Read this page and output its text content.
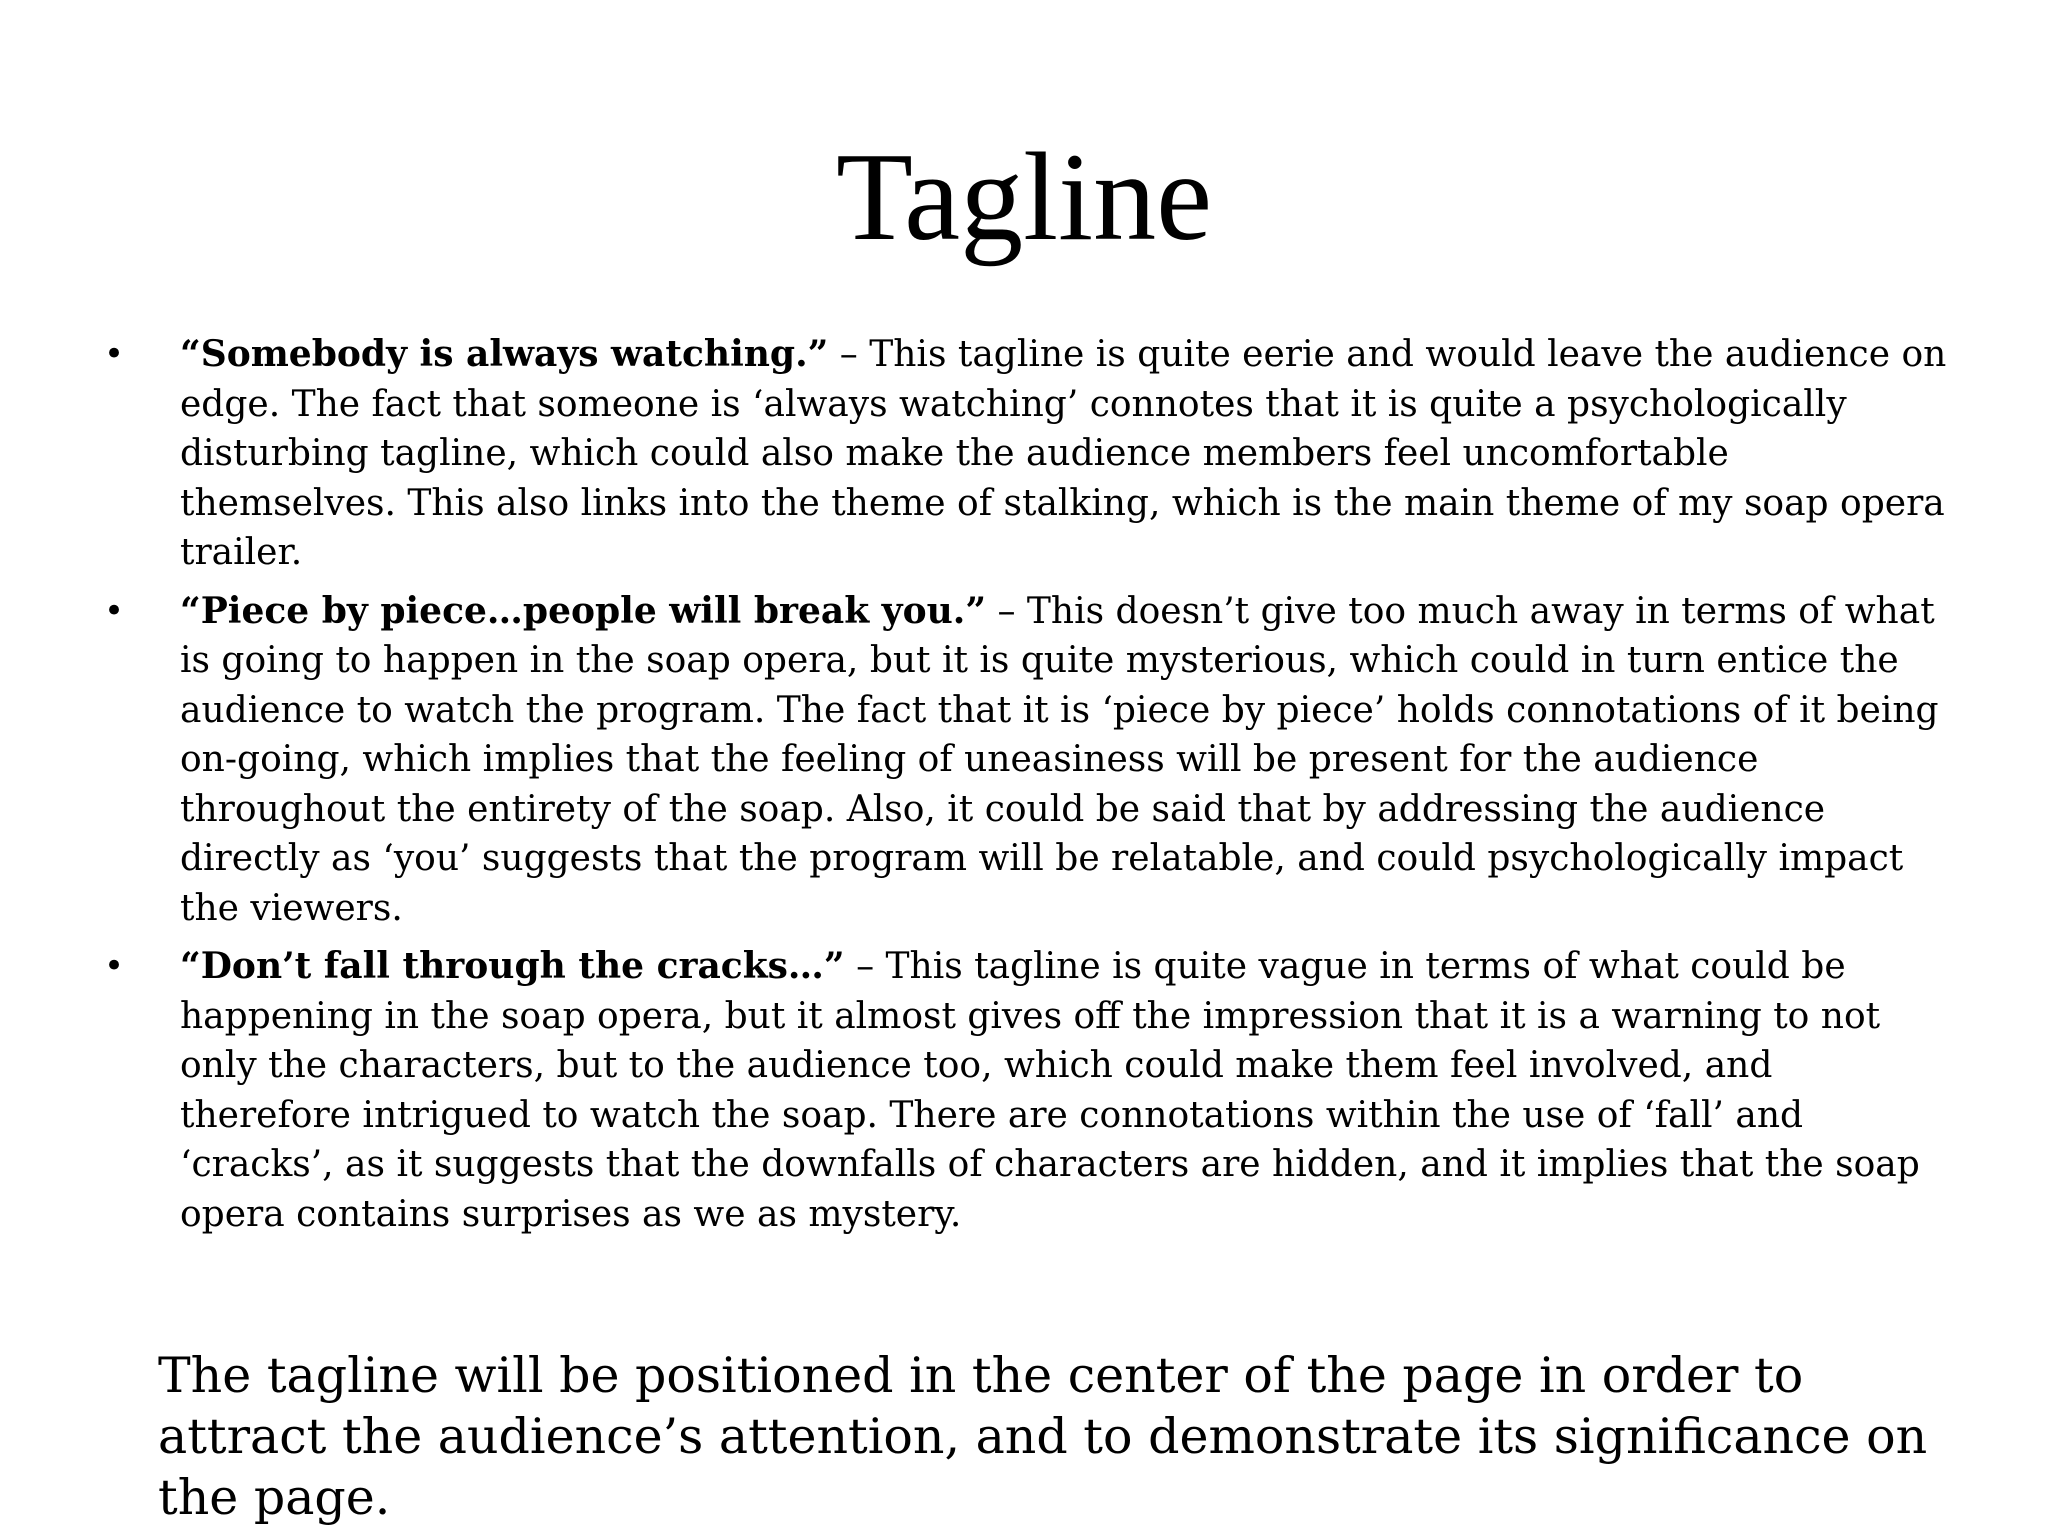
Tagline
• “Somebody is always watching.” – This tagline is quite eerie and would leave the audience on edge. The fact that someone is ‘always watching’ connotes that it is quite a psychologically disturbing tagline, which could also make the audience members feel uncomfortable themselves. This also links into the theme of stalking, which is the main theme of my soap opera trailer.
• “Piece by piece…people will break you.” – This doesn’t give too much away in terms of what is going to happen in the soap opera, but it is quite mysterious, which could in turn entice the audience to watch the program. The fact that it is ‘piece by piece’ holds connotations of it being on-going, which implies that the feeling of uneasiness will be present for the audience throughout the entirety of the soap. Also, it could be said that by addressing the audience directly as ‘you’ suggests that the program will be relatable, and could psychologically impact the viewers.
• “Don’t fall through the cracks…” – This tagline is quite vague in terms of what could be happening in the soap opera, but it almost gives off the impression that it is a warning to not only the characters, but to the audience too, which could make them feel involved, and therefore intrigued to watch the soap. There are connotations within the use of ‘fall’ and ‘cracks’, as it suggests that the downfalls of characters are hidden, and it implies that the soap opera contains surprises as we as mystery.

The tagline will be positioned in the center of the page in order to attract the audience’s attention, and to demonstrate its significance on the page.
